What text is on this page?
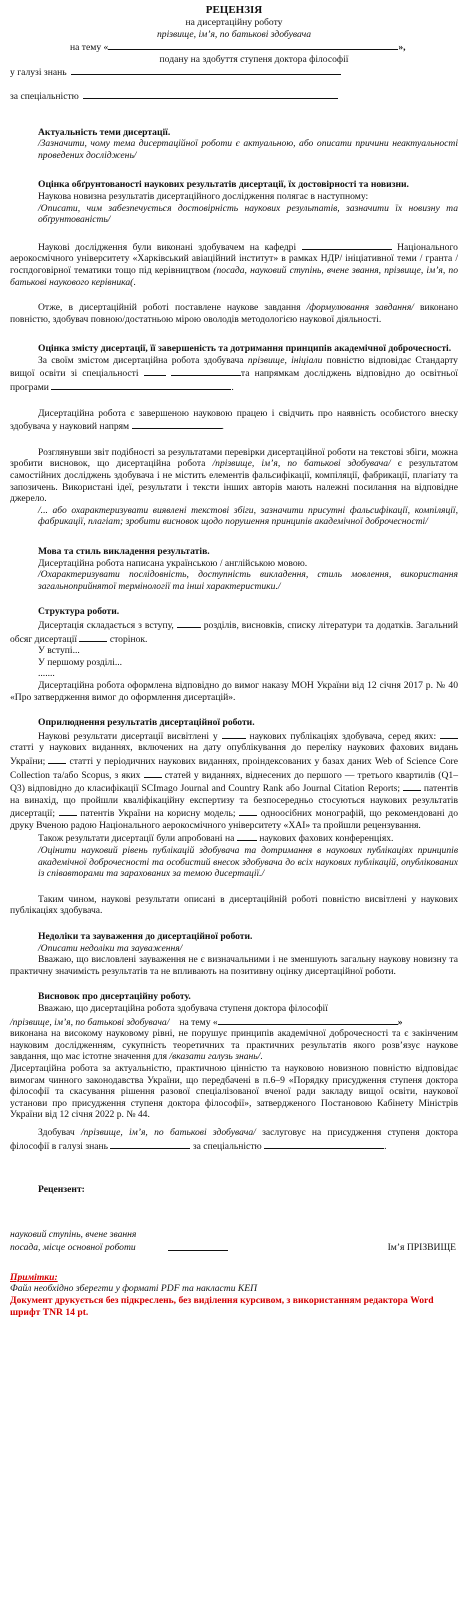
РЕЦЕНЗІЯ

на дисертаційну роботу

прізвище, ім’я, по батькові здобувача

на тему «	»,

подану на здобуття ступеня доктора філософії

у галузі знань
за спеціальністю

Актуальність теми дисертації.

/Зазначити, чому тема дисертаційної роботи є актуальною, або описати причини неактуальності проведених досліджень/

Оцінка обґрунтованості наукових результатів дисертації, їх достовірності та новизни.

Наукова новизна результатів дисертаційного дослідження полягає в наступному:

/Описати, чим забезпечується достовірність наукових результатів, зазначити їх новизну та обґрунтованість/

Наукові дослідження були виконані здобувачем на кафедрі	Національного аерокосмічного університету «Харківський авіаційний інститут» в рамках НДР/ ініціативної теми / гранта / госпдоговірної тематики тощо під керівництвом (посада, науковий ступінь, вчене звання, прізвище, ім’я, по батькові наукового керівника(.

Отже, в дисертаційній роботі поставлене наукове завдання /формулювання завдання/ виконано повністю, здобувач повною/достатньою мірою оволодів методологією наукової діяльності.

Оцінка змісту дисертації, її завершеність та дотримання принципів академічної доброчесності.

За своїм змістом дисертаційна робота здобувача прізвище, ініціали повністю відповідає Стандарту вищої освіти зі спеціальності	та напрямкам досліджень відповідно до освітньої програми	.

Дисертаційна робота є завершеною науковою працею і свідчить про наявність особистого внеску здобувача у науковий напрям	.

Розглянувши звіт подібності за результатами перевірки дисертаційної роботи на текстові збіги, можна зробити висновок, що дисертаційна робота /прізвище, ім’я, по батькові здобувача/ є результатом самостійних досліджень здобувача і не містить елементів фальсифікації, компіляції, фабрикації, плагіату та запозичень. Використані ідеї, результати і тексти інших авторів мають належні посилання на відповідне джерело.

/... або охарактеризувати виявлені текстові збіги, зазначити присутні фальсифікації, компіляції, фабрикації, плагіат; зробити висновок щодо порушення принципів академічної доброчесності/

Мова та стиль викладення результатів.

Дисертаційна робота написана українською / англійською мовою.

/Охарактеризувати послідовність, доступність викладення, стиль мовлення, використання загальноприйнятої термінології та інші характеристики./

Структура роботи.

Дисертація складається з вступу,	розділів, висновків, списку літератури та додатків. Загальний обсяг дисертації	сторінок.

У вступі...

У першому розділі...

.......

Дисертаційна робота оформлена відповідно до вимог наказу МОН України від 12 січня 2017 р. № 40 «Про затвердження вимог до оформлення дисертацій».

Оприлюднення результатів дисертаційної роботи.

Наукові результати дисертації висвітлені у	наукових публікаціях здобувача, серед яких:  статті у наукових виданнях, включених на дату опублікування до переліку наукових фахових видань України;	статті у періодичних наукових виданнях, проіндексованих у базах даних Web of Science Core Collection та/або Scopus, з яких	статей у виданнях, віднесених до першого — третього квартилів (Q1–Q3) відповідно до класифікації SCImago Journal and Country Rank або Journal Citation Reports; патентів на винахід, що пройшли кваліфікаційну експертизу та безпосередньо стосуються наукових результатів дисертації;	патентів України на корисну модель;	одноосібних монографій, що рекомендовані до друку Вченою радою Національного аерокосмічного університету «ХАІ» та пройшли рецензування.

Також результати дисертації були апробовані на	наукових фахових конференціях.

/Оцінити науковий рівень публікацій здобувача та дотримання в наукових публікаціях принципів академічної доброчесності та особистий внесок здобувача до всіх наукових публікацій, опублікованих із співавторами та зарахованих за темою дисертації./

Таким чином, наукові результати описані в дисертаційній роботі повністю висвітлені у наукових публікаціях здобувача.

Недоліки та зауваження до дисертаційної роботи.

/Описати недоліки та зауваження/

Вважаю, що висловлені зауваження не є визначальними і не зменшують загальну наукову новизну та практичну значимість результатів та не впливають на позитивну оцінку дисертаційної роботи.

Висновок про дисертаційну роботу.

Вважаю, що дисертаційна робота здобувача ступеня доктора філософії

/прізвище, ім’я, по батькові здобувача/ на тему «	»

виконана на високому науковому рівні, не порушує принципів академічної доброчесності та є закінченим науковим дослідженням, сукупність теоретичних та практичних результатів якого розв’язує наукове завдання, що має істотне значення для /вказати галузь знань/.

Дисертаційна робота за актуальністю, практичною цінністю та науковою новизною повністю відповідає вимогам чинного законодавства України, що передбачені в п.6–9 «Порядку присудження ступеня доктора філософії та скасування рішення разової спеціалізованої вченої ради закладу вищої освіти, наукової установи про присудження ступеня доктора філософії», затвердженого Постановою Кабінету Міністрів України від 12 січня 2022 р. № 44.

Здобувач /прізвище, ім’я, по батькові здобувача/ заслуговує на присудження ступеня доктора філософії в галузі знань	за спеціальністю	.

Рецензент:

науковий ступінь, вчене звання
посада, місце основної роботи	Ім’я ПРІЗВИЩЕ

Примітки:

Файл необхідно зберегти у форматі PDF та накласти КЕП

Документ друкується без підкреслень, без виділення курсивом, з використанням редактора Word шрифт TNR 14 pt.
